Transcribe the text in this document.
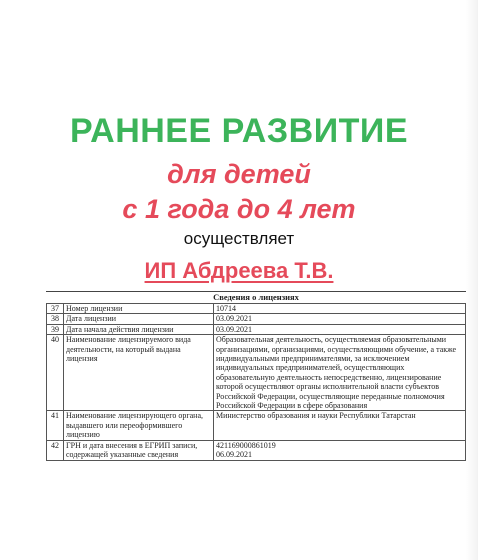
РАННЕЕ РАЗВИТИЕ
для детей
с 1 года до 4 лет
осуществляет
ИП Абдреева Т.В.
Сведения о лицензиях
37	Номер лицензии	10714
38	Дата лицензии	03.09.2021
39	Дата начала действия лицензии	03.09.2021
40	Наименование лицензируемого вида деятельности, на который выдана лицензия	Образовательная деятельность, осуществляемая образовательными организациями, организациями, осуществляющими обучение, а также индивидуальными предпринимателями, за исключением индивидуальных предпринимателей, осуществляющих образовательную деятельность непосредственно, лицензирование которой осуществляют органы исполнительной власти субъектов Российской Федерации, осуществляющие переданные полномочия Российской Федерации в сфере образования
41	Наименование лицензирующего органа, выдавшего или переоформившего лицензию	Министерство образования и науки Республики Татарстан
42	ГРН и дата внесения в ЕГРИП записи, содержащей указанные сведения	421169000861019
06.09.2021
